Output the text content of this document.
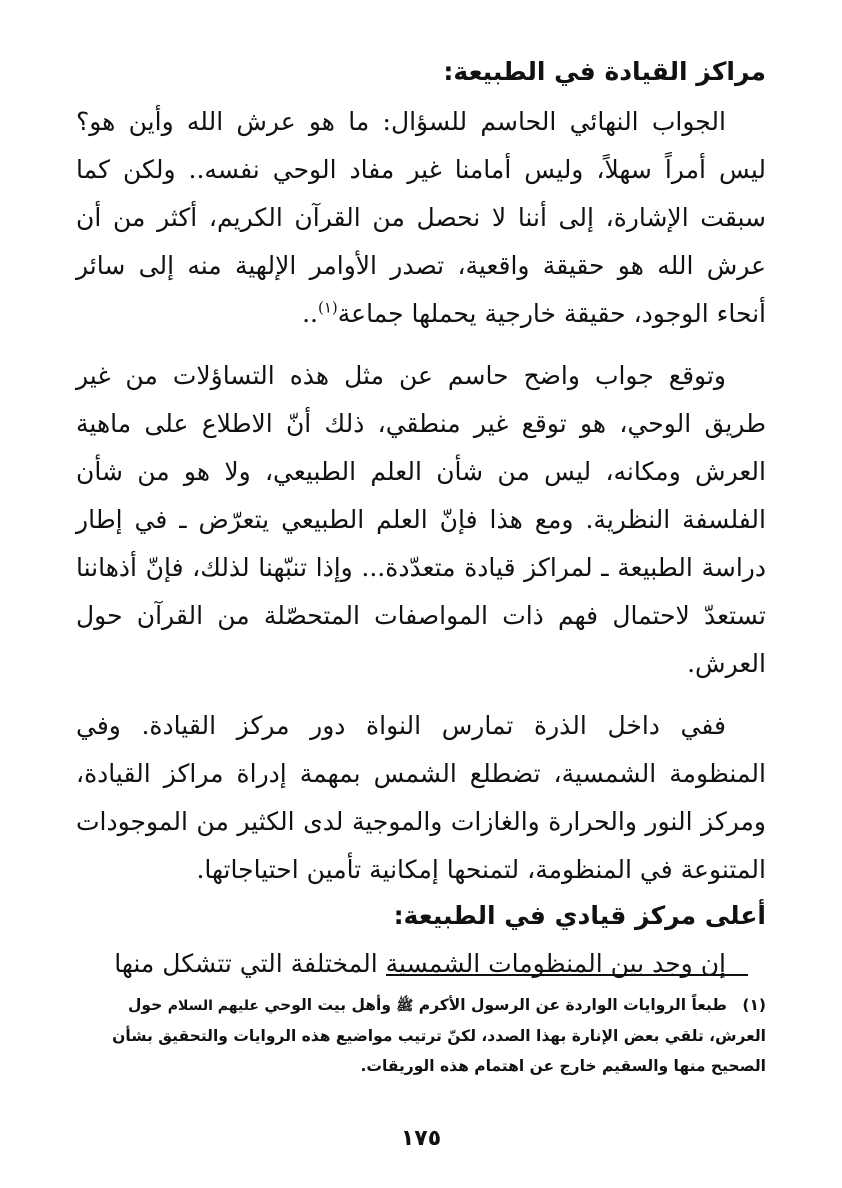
مراكز القيادة في الطبيعة:

الجواب النهائي الحاسم للسؤال: ما هو عرش الله وأين هو؟ ليس أمراً سهلاً، وليس أمامنا غير مفاد الوحي نفسه.. ولكن كما سبقت الإشارة، إلى أننا لا نحصل من القرآن الكريم، أكثر من أن عرش الله هو حقيقة واقعية، تصدر الأوامر الإلهية منه إلى سائر أنحاء الوجود، حقيقة خارجية يحملها جماعة$^{(١)}$..

وتوقع جواب واضح حاسم عن مثل هذه التساؤلات من غير طريق الوحي، هو توقع غير منطقي، ذلك أنّ الاطلاع على ماهية العرش ومكانه، ليس من شأن العلم الطبيعي، ولا هو من شأن الفلسفة النظرية. ومع هذا فإنّ العلم الطبيعي يتعرّض ـ في إطار دراسة الطبيعة ـ لمراكز قيادة متعدّدة... وإذا تنبّهنا لذلك، فإنّ أذهاننا تستعدّ لاحتمال فهم ذات المواصفات المتحصّلة من القرآن حول العرش.

ففي داخل الذرة تمارس النواة دور مركز القيادة. وفي المنظومة الشمسية، تضطلع الشمس بمهمة إدراة مراكز القيادة، ومركز النور والحرارة والغازات والموجية لدى الكثير من الموجودات المتنوعة في المنظومة، لتمنحها إمكانية تأمين احتياجاتها.

أعلى مركز قيادي في الطبيعة:

إن وجد بين المنظومات الشمسية المختلفة التي تتشكل منها

(١) طبعاً الروايات الواردة عن الرسول الأكرم ﷺ وأهل بيت الوحي عليهم السلام حول العرش، تلقي بعض الإنارة بهذا الصدد، لكنّ ترتيب مواضيع هذه الروايات والتحقيق بشأن الصحيح منها والسقيم خارج عن اهتمام هذه الوريقات.
١٧٥
